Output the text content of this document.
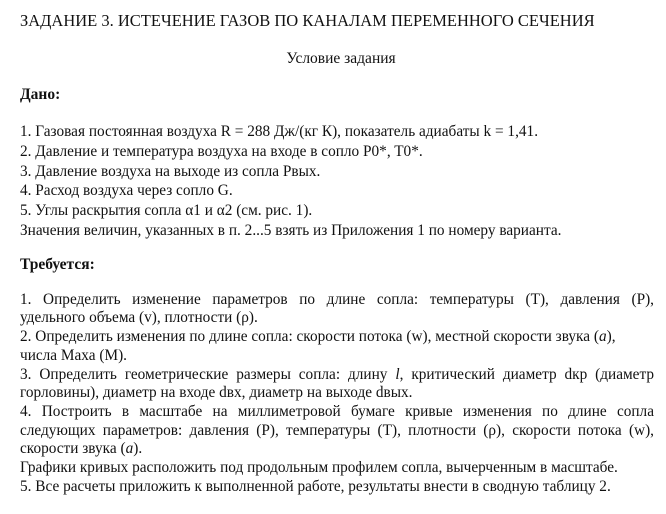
ЗАДАНИЕ 3. ИСТЕЧЕНИЕ ГАЗОВ ПО КАНАЛАМ ПЕРЕМЕННОГО СЕЧЕНИЯ
Условие задания
Дано:
1. Газовая постоянная воздуха R = 288 Дж/(кг К), показатель адиабаты k = 1,41.
2. Давление и температура воздуха на входе в сопло P0*, T0*.
3. Давление воздуха на выходе из сопла Pвых.
4. Расход воздуха через сопло G.
5. Углы раскрытия сопла α1 и α2 (см. рис. 1).
Значения величин, указанных в п. 2...5 взять из Приложения 1 по номеру варианта.
Требуется:
1. Определить изменение параметров по длине сопла: температуры (T), давления (P),
удельного объема (v), плотности (ρ).
2. Определить изменения по длине сопла: скорости потока (w), местной скорости звука (a),
числа Маха (M).
3. Определить геометрические размеры сопла: длину l, критический диаметр dкр (диаметр
горловины), диаметр на входе dвх, диаметр на выходе dвых.
4. Построить в масштабе на миллиметровой бумаге кривые изменения по длине сопла
следующих параметров: давления (P), температуры (T), плотности (ρ), скорости потока (w),
скорости звука (a).
Графики кривых расположить под продольным профилем сопла, вычерченным в масштабе.
5. Все расчеты приложить к выполненной работе, результаты внести в сводную таблицу 2.
